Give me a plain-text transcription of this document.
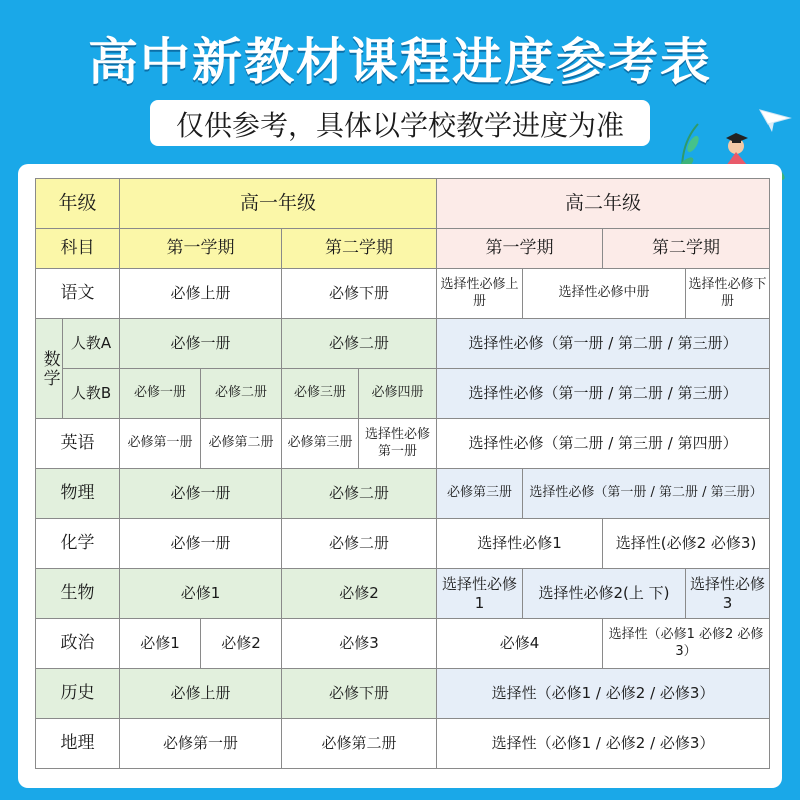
高中新教材课程进度参考表
仅供参考，具体以学校教学进度为准
年级		高一年级				高二年级			
科目		第一学期		第二学期		第一学期		第二学期	
语文		必修上册		必修下册		选择性必修上册	选择性必修中册		选择性必修下册
数学	人教A	必修一册		必修二册		选择性必修（第一册 / 第二册 / 第三册）			
	人教B	必修一册	必修二册	必修三册	必修四册	选择性必修（第一册 / 第二册 / 第三册）			
英语		必修第一册	必修第二册	必修第三册	选择性必修第一册	选择性必修（第二册 / 第三册 / 第四册）			
物理		必修一册		必修二册		必修第三册	选择性必修（第一册 / 第二册 / 第三册）		
化学		必修一册		必修二册		选择性必修1		选择性(必修2 必修3)	
生物		必修1		必修2		选择性必修1	选择性必修2(上 下)		选择性必修3
政治		必修1	必修2	必修3		必修4		选择性（必修1 必修2 必修3）	
历史		必修上册		必修下册		选择性（必修1 / 必修2 / 必修3）			
地理		必修第一册		必修第二册		选择性（必修1 / 必修2 / 必修3）			
